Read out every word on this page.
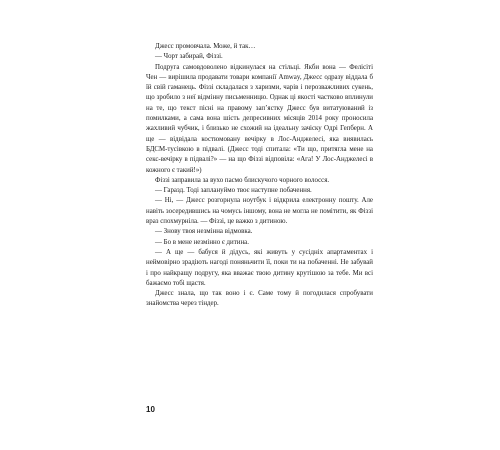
Джесс промовчала. Може, й так…

— Чорт забирай, Фіззі.

Подруга самовдоволено відкинулася на стільці. Якби вона — Фелісіті Чен — вирішила продавати товари компанії Amway, Джесс одразу віддала б їй свій гаманець. Фіззі складалася з харизми, чарів і перозважливих сукень, що зробило з неї відмінну письменницю. Однак ці якості частково вплинули на те, що текст пісні на правому зап’ястку Джесс був витатуюваний із помилками, а сама вона шість депресивних місяців 2014 року проносила жахливий чубчик, і близько не схожий на ідеальну зачіску Одрі Гепберн. А ще — відвідала костюмовану вечірку в Лос-Анджелесі, яка виявилась БДСМ-тусівкою в підвалі. (Джесс тоді спитала: «Ти що, притягла мене на секс-вечірку в підвалі?» — на що Фіззі відповіла: «Ага! У Лос-Анджелесі в кожного є такий!»)

Фіззі заправила за вухо пасмо блискучого чорного волосся.

— Гаразд. Тоді заплануймо твоє наступне побачення.

— Ні, — Джесс розгорнула ноутбук і відкрила електронну пошту. Але навіть зосередившись на чомусь іншому, вона не могла не помітити, як Фіззі враз спохмурніла. — Фіззі, це важко з дитиною.

— Знову твоя незмінна відмовка.

— Бо в мене незмінно є дитина.

— А ще — бабуся й дідусь, які живуть у сусідніх апартаментах і неймовірно зрадіють нагоді поняньчити її, поки ти на побаченні. Не забувай і про найкращу подругу, яка вважає твою дитину крутішою за тебе. Ми всі бажаємо тобі щастя.

Джесс знала, що так воно і є. Саме тому й погодилася спробувати знайомства через тіндер.

10
